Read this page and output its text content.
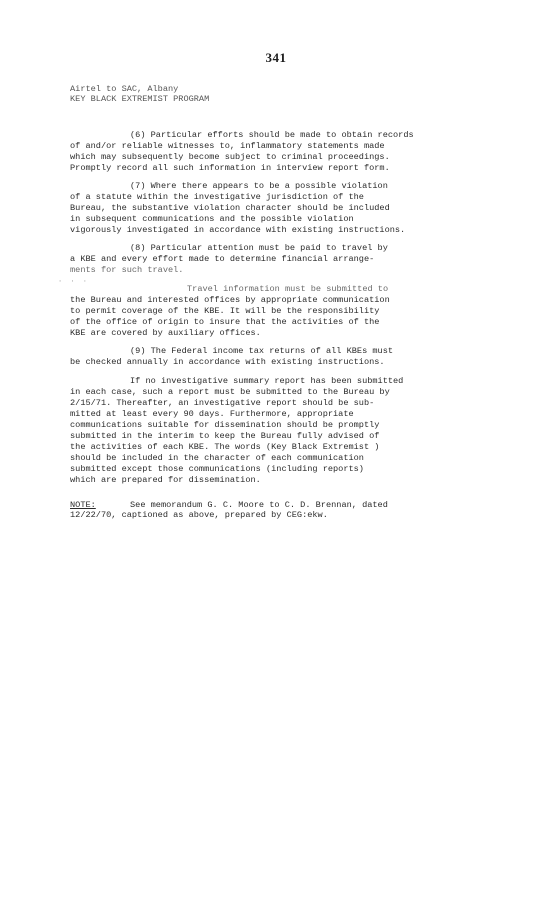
341
Airtel to SAC, Albany
KEY BLACK EXTREMIST PROGRAM
(6) Particular efforts should be made to obtain records
of and/or reliable witnesses to, inflammatory statements made
which may subsequently become subject to criminal proceedings.
Promptly record all such information in interview report form.
(7) Where there appears to be a possible violation
of a statute within the investigative jurisdiction of the
Bureau, the substantive violation character should be included
in subsequent communications and the possible violation
vigorously investigated in accordance with existing instructions.
(8) Particular attention must be paid to travel by
a KBE and every effort made to determine financial arrange-
ments for such travel.
· · ·
Travel information must be submitted to
the Bureau and interested offices by appropriate communication
to permit coverage of the KBE. It will be the responsibility
of the office of origin to insure that the activities of the
KBE are covered by auxiliary offices.
(9) The Federal income tax returns of all KBEs must
be checked annually in accordance with existing instructions.
If no investigative summary report has been submitted
in each case, such a report must be submitted to the Bureau by
2/15/71. Thereafter, an investigative report should be sub-
mitted at least every 90 days. Furthermore, appropriate
communications suitable for dissemination should be promptly
submitted in the interim to keep the Bureau fully advised of
the activities of each KBE. The words (Key Black Extremist )
should be included in the character of each communication
submitted except those communications (including reports)
which are prepared for dissemination.
NOTE:	See memorandum G. C. Moore to C. D. Brennan, dated
12/22/70, captioned as above, prepared by CEG:ekw.
